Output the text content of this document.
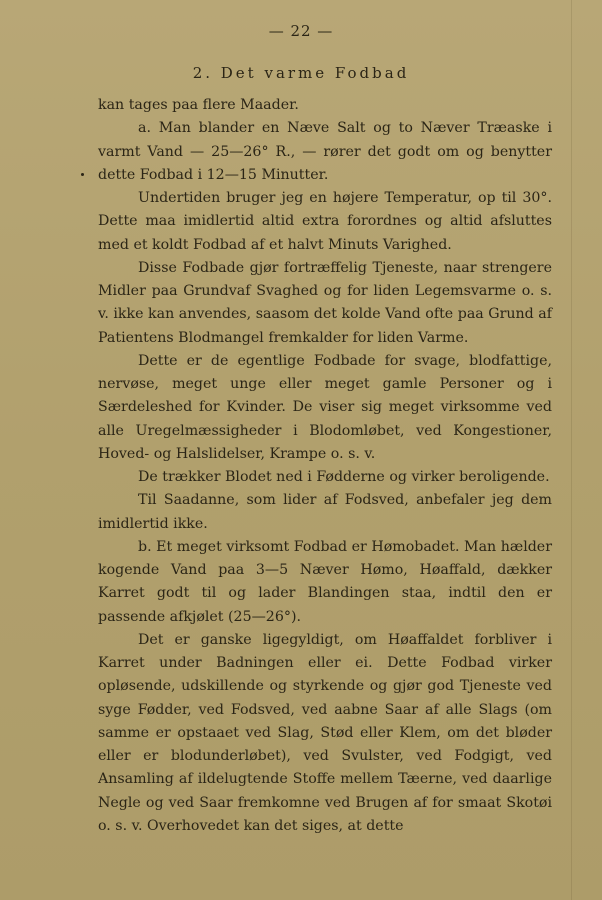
— 22 —
2. Det varme Fodbad

kan tages paa flere Maader.

a. Man blander en Næve Salt og to Næver Træaske i varmt Vand — 25—26° R., — rører det godt om og benytter dette Fodbad i 12—15 Minutter.

Undertiden bruger jeg en højere Temperatur, op til 30°. Dette maa imidlertid altid extra forordnes og altid afsluttes med et koldt Fodbad af et halvt Minuts Varighed.

Disse Fodbade gjør fortræffelig Tjeneste, naar strengere Midler paa Grundvaf Svaghed og for liden Legemsvarme o. s. v. ikke kan anvendes, saasom det kolde Vand ofte paa Grund af Patientens Blodmangel fremkalder for liden Varme.

Dette er de egentlige Fodbade for svage, blodfattige, nervøse, meget unge eller meget gamle Personer og i Særdeleshed for Kvinder. De viser sig meget virksomme ved alle Uregelmæssigheder i Blodomløbet, ved Kongestioner, Hoved- og Halslidelser, Krampe o. s. v.

De trækker Blodet ned i Fødderne og virker beroligende.

Til Saadanne, som lider af Fodsved, anbefaler jeg dem imidlertid ikke.

b. Et meget virksomt Fodbad er Hømobadet. Man hælder kogende Vand paa 3—5 Næver Hømo, Høaffald, dækker Karret godt til og lader Blandingen staa, indtil den er passende afkjølet (25—26°).

Det er ganske ligegyldigt, om Høaffaldet forbliver i Karret under Badningen eller ei. Dette Fodbad virker opløsende, udskillende og styrkende og gjør god Tjeneste ved syge Fødder, ved Fodsved, ved aabne Saar af alle Slags (om samme er opstaaet ved Slag, Stød eller Klem, om det bløder eller er blodunderløbet), ved Svulster, ved Fodgigt, ved Ansamling af ildelugtende Stoffe mellem Tæerne, ved daarlige Negle og ved Saar fremkomne ved Brugen af for smaat Skotøi o. s. v. Overhovedet kan det siges, at dette
